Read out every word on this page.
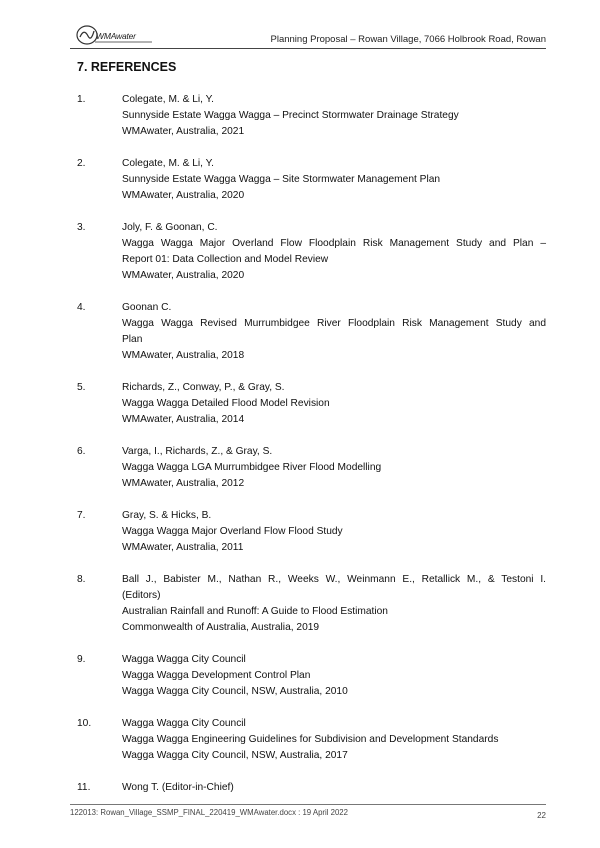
WMAwater	Planning Proposal – Rowan Village, 7066 Holbrook Road, Rowan
7. REFERENCES
1.	Colegate, M. & Li, Y.
Sunnyside Estate Wagga Wagga – Precinct Stormwater Drainage Strategy
WMAwater, Australia, 2021
2.	Colegate, M. & Li, Y.
Sunnyside Estate Wagga Wagga – Site Stormwater Management Plan
WMAwater, Australia, 2020
3.	Joly, F. & Goonan, C.
Wagga Wagga Major Overland Flow Floodplain Risk Management Study and Plan –
Report 01: Data Collection and Model Review
WMAwater, Australia, 2020
4.	Goonan C.
Wagga Wagga Revised Murrumbidgee River Floodplain Risk Management Study and
Plan
WMAwater, Australia, 2018
5.	Richards, Z., Conway, P., & Gray, S.
Wagga Wagga Detailed Flood Model Revision
WMAwater, Australia, 2014
6.	Varga, I., Richards, Z., & Gray, S.
Wagga Wagga LGA Murrumbidgee River Flood Modelling
WMAwater, Australia, 2012
7.	Gray, S. & Hicks, B.
Wagga Wagga Major Overland Flow Flood Study
WMAwater, Australia, 2011
8.	Ball J., Babister M., Nathan R., Weeks W., Weinmann E., Retallick M., & Testoni I.
(Editors)
Australian Rainfall and Runoff: A Guide to Flood Estimation
Commonwealth of Australia, Australia, 2019
9.	Wagga Wagga City Council
Wagga Wagga Development Control Plan
Wagga Wagga City Council, NSW, Australia, 2010
10.	Wagga Wagga City Council
Wagga Wagga Engineering Guidelines for Subdivision and Development Standards
Wagga Wagga City Council, NSW, Australia, 2017
11.	Wong T. (Editor-in-Chief)
122013: Rowan_Village_SSMP_FINAL_220419_WMAwater.docx : 19 April 2022	22
